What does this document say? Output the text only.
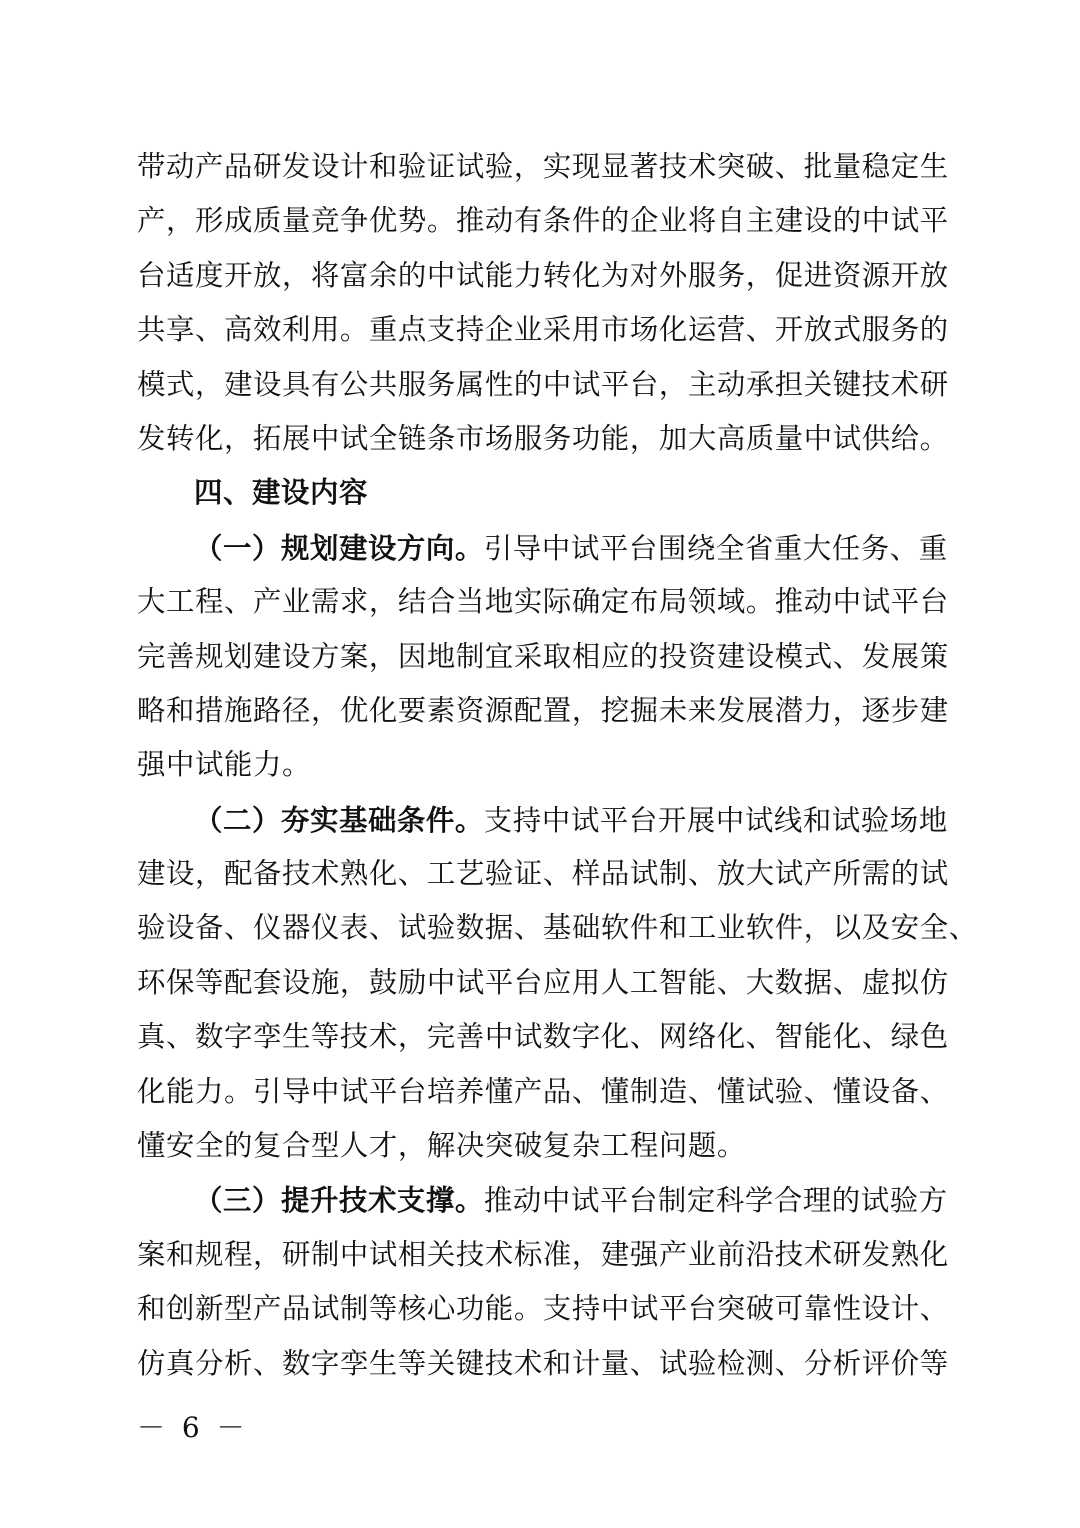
带动产品研发设计和验证试验，实现显著技术突破、批量稳定生
产，形成质量竞争优势。推动有条件的企业将自主建设的中试平
台适度开放，将富余的中试能力转化为对外服务，促进资源开放
共享、高效利用。重点支持企业采用市场化运营、开放式服务的
模式，建设具有公共服务属性的中试平台，主动承担关键技术研
发转化，拓展中试全链条市场服务功能，加大高质量中试供给。
四、建设内容
（一）规划建设方向。引导中试平台围绕全省重大任务、重
大工程、产业需求，结合当地实际确定布局领域。推动中试平台
完善规划建设方案，因地制宜采取相应的投资建设模式、发展策
略和措施路径，优化要素资源配置，挖掘未来发展潜力，逐步建
强中试能力。
（二）夯实基础条件。支持中试平台开展中试线和试验场地
建设，配备技术熟化、工艺验证、样品试制、放大试产所需的试
验设备、仪器仪表、试验数据、基础软件和工业软件，以及安全、
环保等配套设施，鼓励中试平台应用人工智能、大数据、虚拟仿
真、数字孪生等技术，完善中试数字化、网络化、智能化、绿色
化能力。引导中试平台培养懂产品、懂制造、懂试验、懂设备、
懂安全的复合型人才，解决突破复杂工程问题。
（三）提升技术支撑。推动中试平台制定科学合理的试验方
案和规程，研制中试相关技术标准，建强产业前沿技术研发熟化
和创新型产品试制等核心功能。支持中试平台突破可靠性设计、
仿真分析、数字孪生等关键技术和计量、试验检测、分析评价等
－ 6 －
